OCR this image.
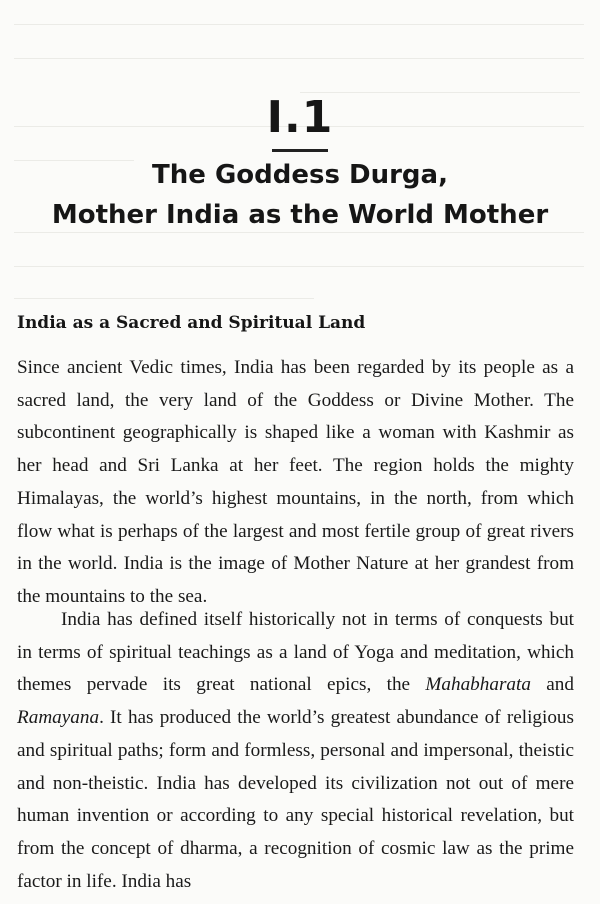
I.1
The Goddess Durga,
Mother India as the World Mother
India as a Sacred and Spiritual Land

Since ancient Vedic times, India has been regarded by its people as a sacred land, the very land of the Goddess or Divine Mother. The subcontinent geographically is shaped like a woman with Kashmir as her head and Sri Lanka at her feet. The region holds the mighty Himalayas, the world’s highest mountains, in the north, from which flow what is perhaps of the largest and most fertile group of great rivers in the world. India is the image of Mother Nature at her grandest from the mountains to the sea.

India has defined itself historically not in terms of conquests but in terms of spiritual teachings as a land of Yoga and meditation, which themes pervade its great national epics, the Mahabharata and Ramayana. It has produced the world’s greatest abundance of religious and spiritual paths; form and formless, personal and impersonal, theistic and non-theistic. India has developed its civilization not out of mere human invention or according to any special historical revelation, but from the concept of dharma, a recognition of cosmic law as the prime factor in life. India has
